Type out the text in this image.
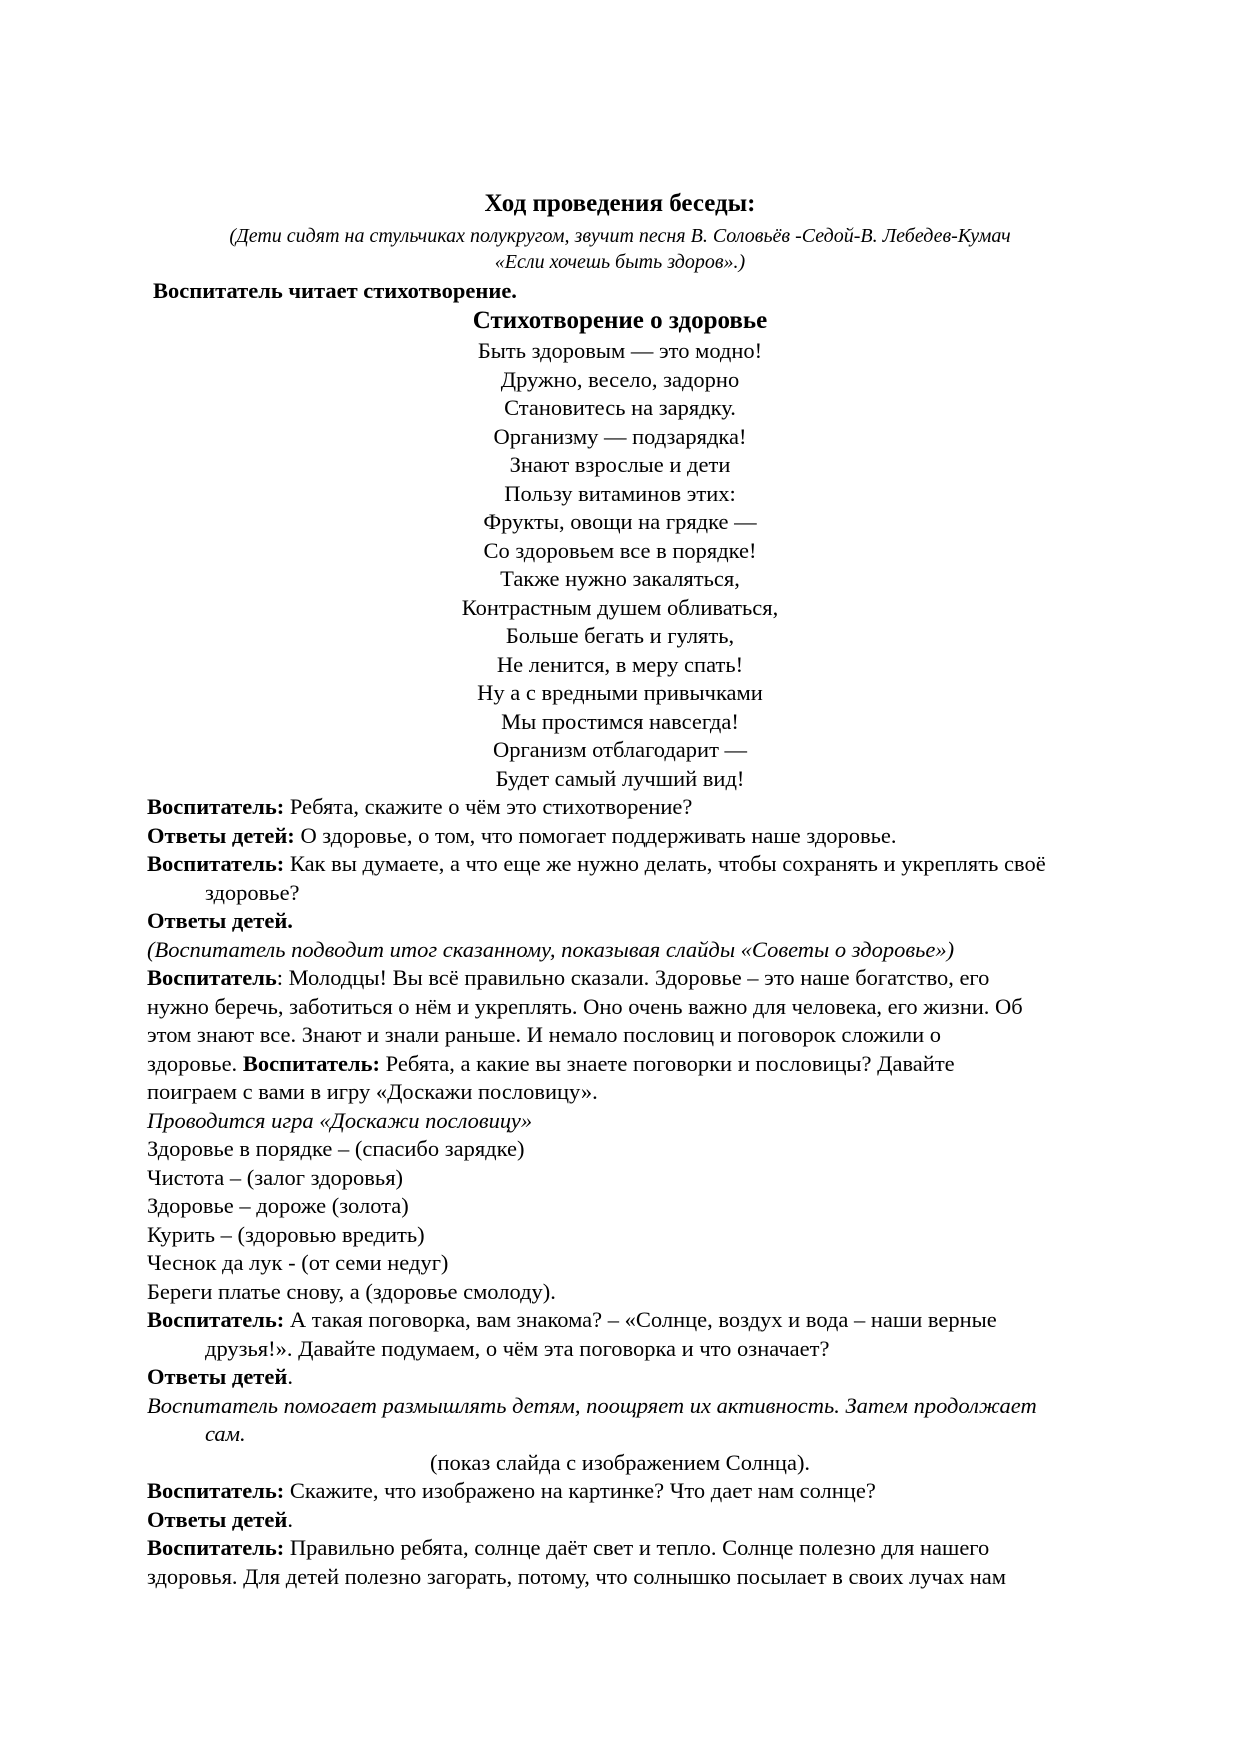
Ход проведения беседы:
(Дети сидят на стульчиках полукругом, звучит песня В. Соловьёв -Седой-В. Лебедев-Кумач
«Если хочешь быть здоров».)
Воспитатель читает стихотворение.
Стихотворение о здоровье
Быть здоровым — это модно!
Дружно, весело, задорно
Становитесь на зарядку.
Организму — подзарядка!
Знают взрослые и дети
Пользу витаминов этих:
Фрукты, овощи на грядке —
Со здоровьем все в порядке!
Также нужно закаляться,
Контрастным душем обливаться,
Больше бегать и гулять,
Не ленится, в меру спать!
Ну а с вредными привычками
Мы простимся навсегда!
Организм отблагодарит —
Будет самый лучший вид!
Воспитатель: Ребята, скажите о чём это стихотворение?
Ответы детей: О здоровье, о том, что помогает поддерживать наше здоровье.
Воспитатель: Как вы думаете, а что еще же нужно делать, чтобы сохранять и укреплять своё
здоровье?
Ответы детей.
(Воспитатель подводит итог сказанному, показывая слайды «Советы о здоровье»)
Воспитатель: Молодцы! Вы всё правильно сказали. Здоровье – это наше богатство, его
нужно беречь, заботиться о нём и укреплять. Оно очень важно для человека, его жизни. Об
этом знают все. Знают и знали раньше. И немало пословиц и поговорок сложили о
здоровье. Воспитатель: Ребята, а какие вы знаете поговорки и пословицы? Давайте
поиграем с вами в игру «Доскажи пословицу».
Проводится игра «Доскажи пословицу»
Здоровье в порядке – (спасибо зарядке)
Чистота – (залог здоровья)
Здоровье – дороже (золота)
Курить – (здоровью вредить)
Чеснок да лук - (от семи недуг)
Береги платье снову, а (здоровье смолоду).
Воспитатель: А такая поговорка, вам знакома? – «Солнце, воздух и вода – наши верные
друзья!». Давайте подумаем, о чём эта поговорка и что означает?
Ответы детей.
Воспитатель помогает размышлять детям, поощряет их активность. Затем продолжает
сам.
(показ слайда с изображением Солнца).
Воспитатель: Скажите, что изображено на картинке? Что дает нам солнце?
Ответы детей.
Воспитатель: Правильно ребята, солнце даёт свет и тепло. Солнце полезно для нашего
здоровья. Для детей полезно загорать, потому, что солнышко посылает в своих лучах нам
